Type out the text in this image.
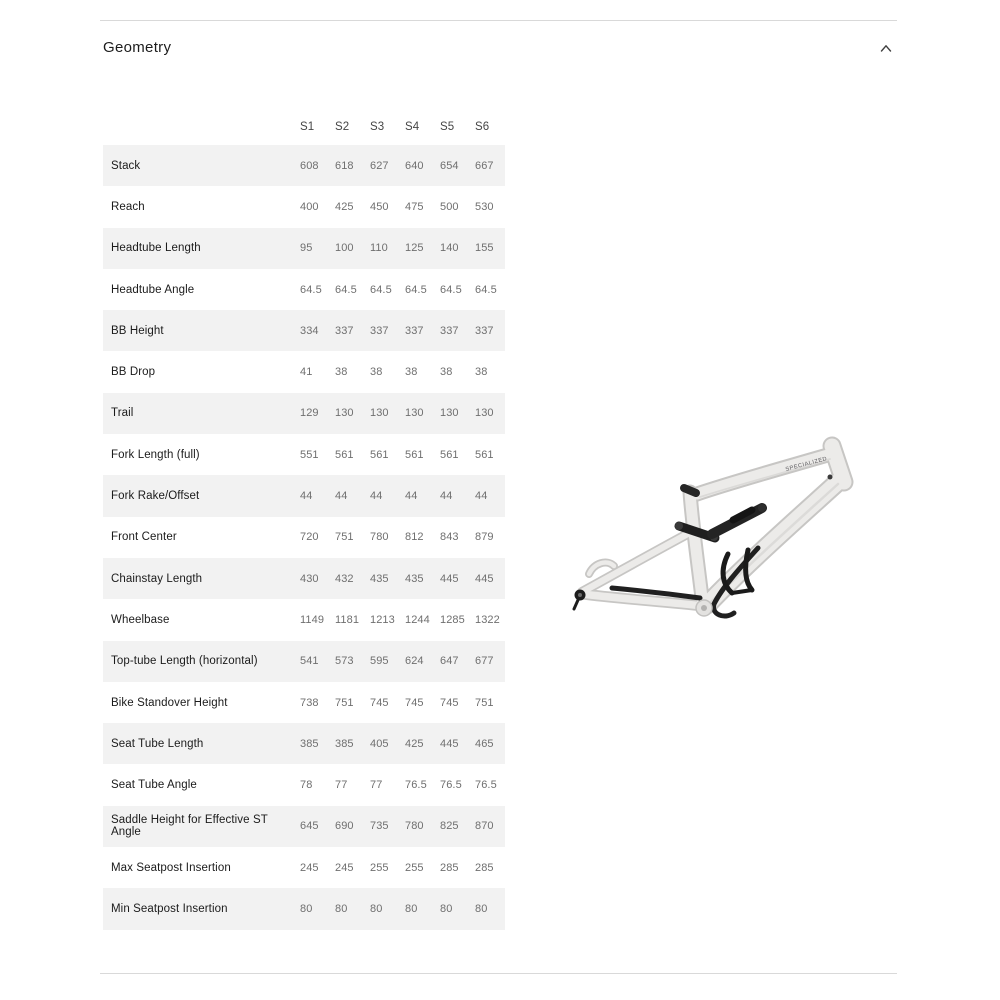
Geometry
S1	S2	S3	S4	S5	S6
Stack	608	618	627	640	654	667
Reach	400	425	450	475	500	530
Headtube Length	95	100	110	125	140	155
Headtube Angle	64.5	64.5	64.5	64.5	64.5	64.5
BB Height	334	337	337	337	337	337
BB Drop	41	38	38	38	38	38
Trail	129	130	130	130	130	130
Fork Length (full)	551	561	561	561	561	561
Fork Rake/Offset	44	44	44	44	44	44
Front Center	720	751	780	812	843	879
Chainstay Length	430	432	435	435	445	445
Wheelbase	1149 1181 1213 1244 1285 1322
Top-tube Length (horizontal)	541	573	595	624	647	677
Bike Standover Height	738	751	745	745	745	751
Seat Tube Length	385	385	405	425	445	465
Seat Tube Angle	78	77	77	76.5	76.5	76.5
Saddle Height for Effective ST Angle	645	690	735	780	825	870
Max Seatpost Insertion	245	245	255	255	285	285
Min Seatpost Insertion	80	80	80	80	80	80
SPECIALIZED
